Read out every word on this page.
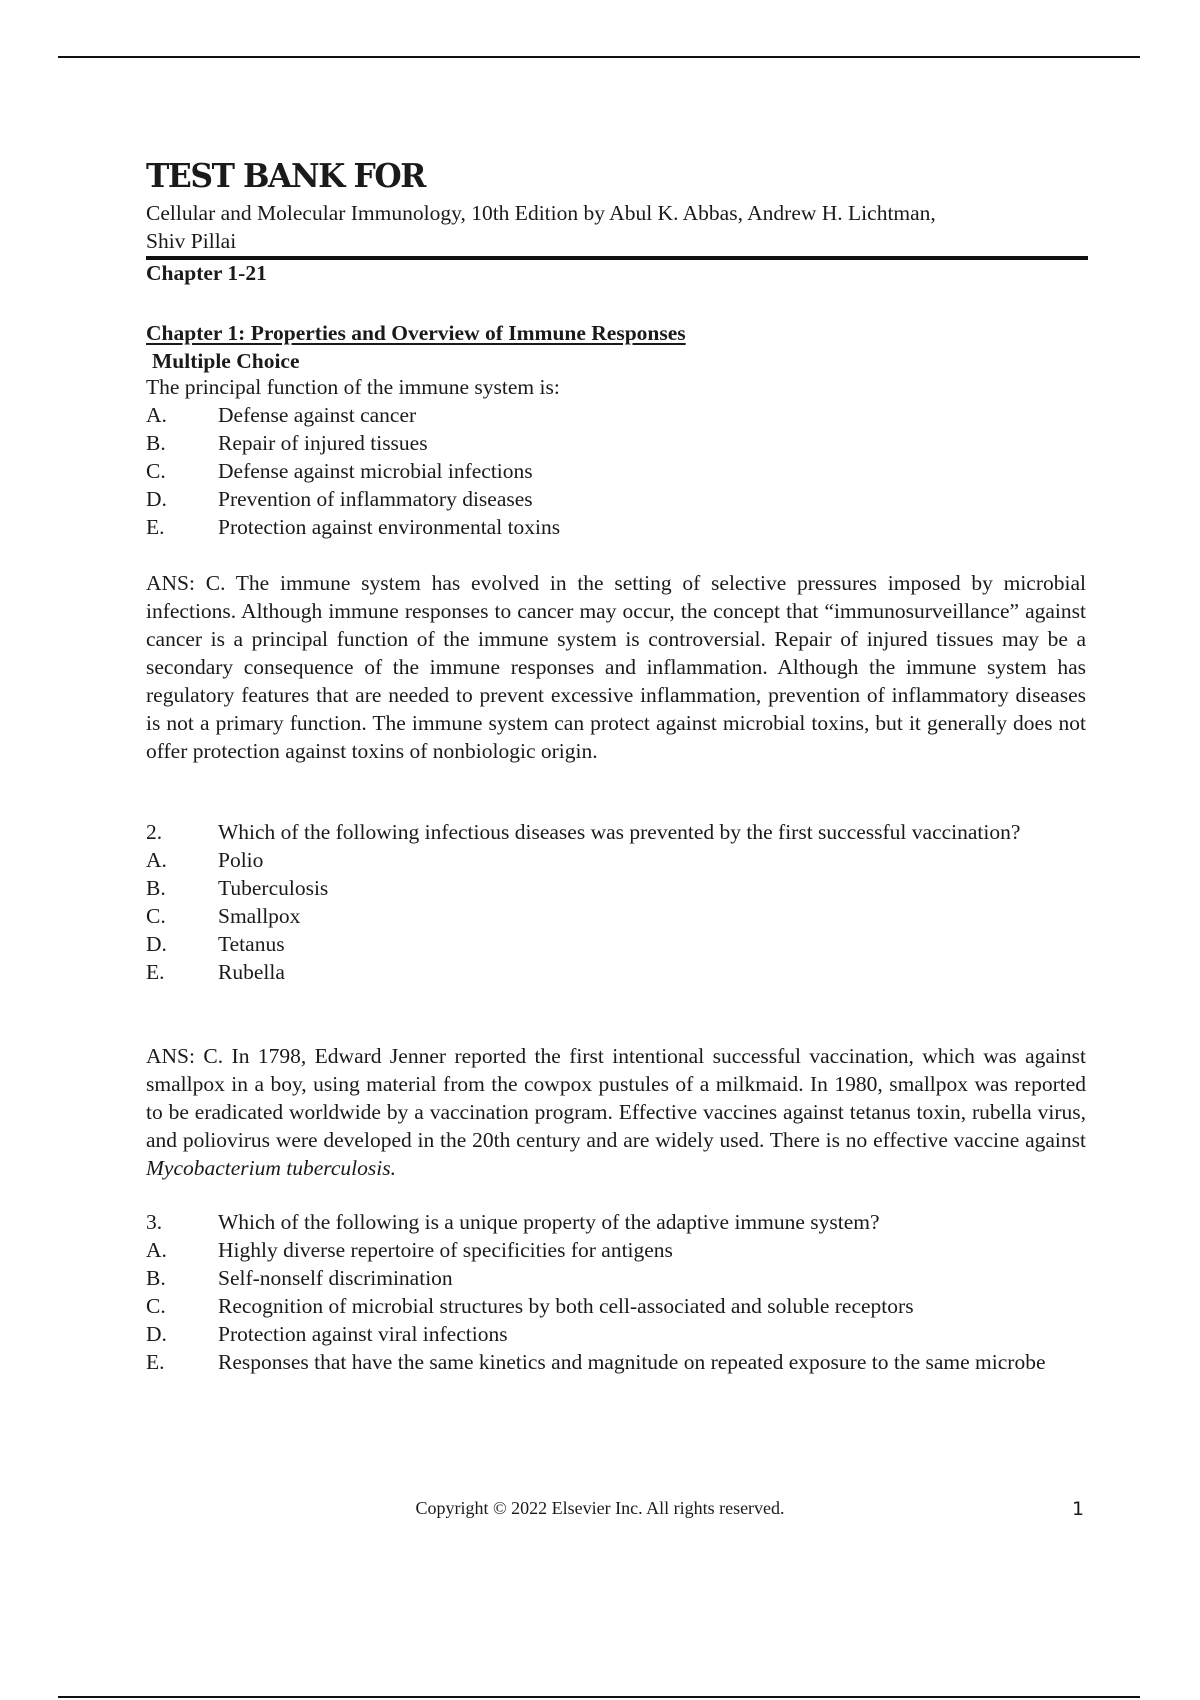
TEST BANK FOR
Cellular and Molecular Immunology, 10th Edition by Abul K. Abbas, Andrew H. Lichtman,
Shiv Pillai
Chapter 1-21
Chapter 1: Properties and Overview of Immune Responses
Multiple Choice
The principal function of the immune system is:
A.	Defense against cancer
B.	Repair of injured tissues
C.	Defense against microbial infections
D.	Prevention of inflammatory diseases
E.	Protection against environmental toxins
ANS: C. The immune system has evolved in the setting of selective pressures imposed by microbial infections. Although immune responses to cancer may occur, the concept that “immunosurveillance” against cancer is a principal function of the immune system is controversial. Repair of injured tissues may be a secondary consequence of the immune responses and inflammation. Although the immune system has regulatory features that are needed to prevent excessive inflammation, prevention of inflammatory diseases is not a primary function. The immune system can protect against microbial toxins, but it generally does not offer protection against toxins of nonbiologic origin.
2.	Which of the following infectious diseases was prevented by the first successful vaccination?
A.	Polio
B.	Tuberculosis
C.	Smallpox
D.	Tetanus
E.	Rubella
ANS: C. In 1798, Edward Jenner reported the first intentional successful vaccination, which was against smallpox in a boy, using material from the cowpox pustules of a milkmaid. In 1980, smallpox was reported to be eradicated worldwide by a vaccination program. Effective vaccines against tetanus toxin, rubella virus, and poliovirus were developed in the 20th century and are widely used. There is no effective vaccine against Mycobacterium tuberculosis.
3.	Which of the following is a unique property of the adaptive immune system?
A.	Highly diverse repertoire of specificities for antigens
B.	Self-nonself discrimination
C.	Recognition of microbial structures by both cell-associated and soluble receptors
D.	Protection against viral infections
E. Responses that have the same kinetics and magnitude on repeated exposure to the same microbe
Copyright © 2022 Elsevier Inc. All rights reserved.	1
